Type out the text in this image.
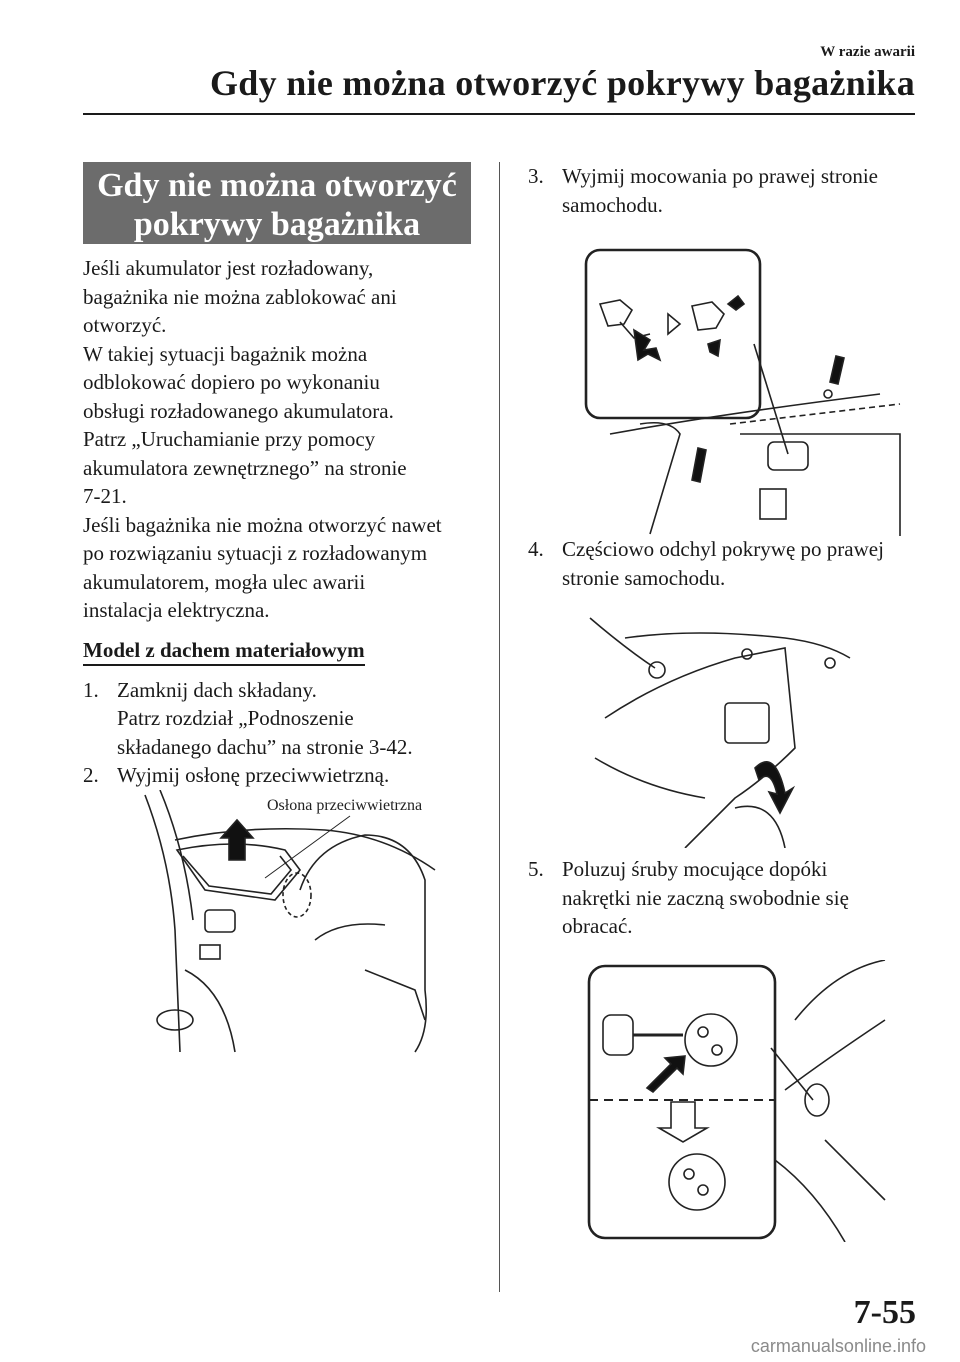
W razie awarii
Gdy nie można otworzyć pokrywy bagażnika
Gdy nie można otworzyć
pokrywy bagażnika

Jeśli akumulator jest rozładowany,

bagażnika nie można zablokować ani

otworzyć.

W takiej sytuacji bagażnik można

odblokować dopiero po wykonaniu

obsługi rozładowanego akumulatora.

Patrz „Uruchamianie przy pomocy

akumulatora zewnętrznego” na stronie

7-21.

Jeśli bagażnika nie można otworzyć nawet

po rozwiązaniu sytuacji z rozładowanym

akumulatorem, mogła ulec awarii

instalacja elektryczna.

Model z dachem materiałowym
1. Zamknij dach składany.
Patrz rozdział „Podnoszenie
składanego dachu” na stronie 3-42.
2. Wyjmij osłonę przeciwwietrzną.
Osłona przeciwwietrzna
3. Wyjmij mocowania po prawej stronie
samochodu.
4. Częściowo odchyl pokrywę po prawej
stronie samochodu.
5. Poluzuj śruby mocujące dopóki
nakrętki nie zaczną swobodnie się
obracać.
7-55
carmanualsonline.info
